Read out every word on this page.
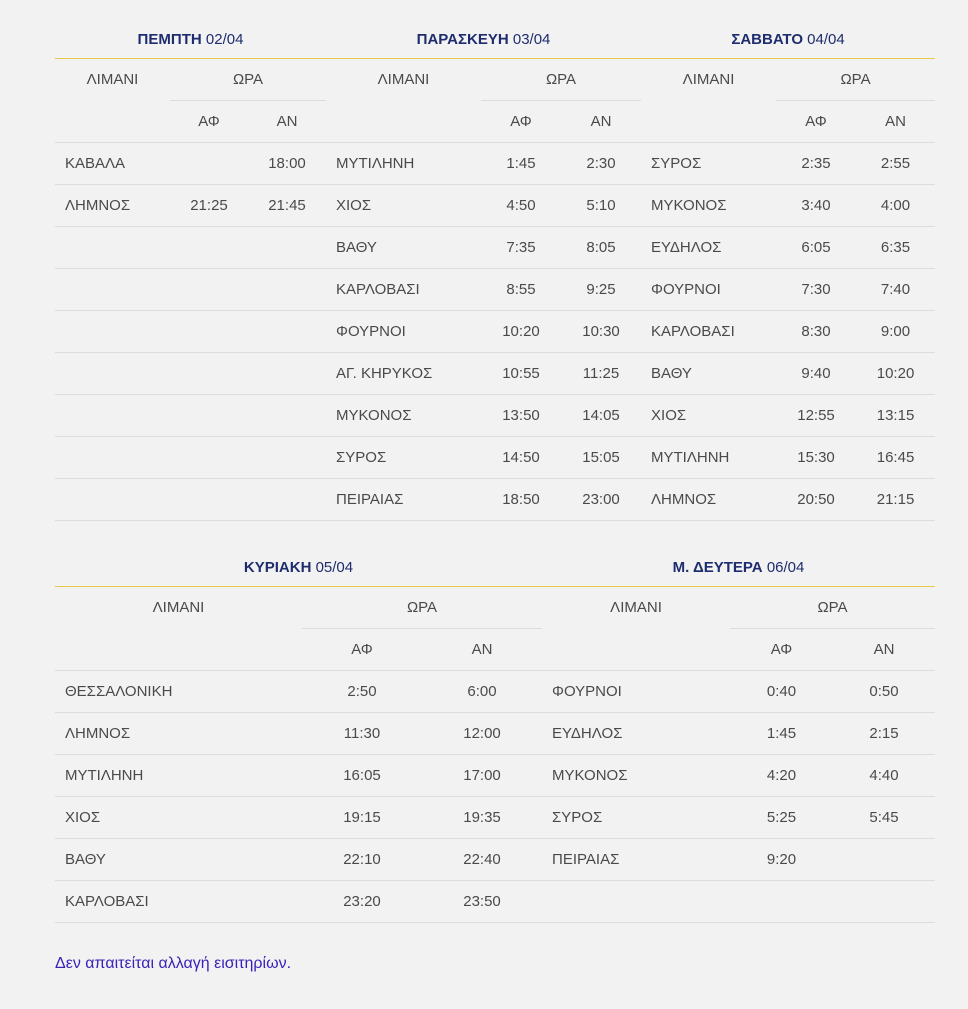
ΠΕΜΠΤΗ 02/04		
ΛΙΜΑΝΙ	ΩΡΑ	
	ΑΦ	ΑΝ
ΚΑΒΑΛΑ		18:00
ΛΗΜΝΟΣ	21:25	21:45

ΠΑΡΑΣΚΕΥΗ 03/04		
ΛΙΜΑΝΙ	ΩΡΑ	
	ΑΦ	ΑΝ
ΜΥΤΙΛΗΝΗ	1:45	2:30
ΧΙΟΣ	4:50	5:10
ΒΑΘΥ	7:35	8:05
ΚΑΡΛΟΒΑΣΙ	8:55	9:25
ΦΟΥΡΝΟΙ	10:20	10:30
ΑΓ. ΚΗΡΥΚΟΣ	10:55	11:25
ΜΥΚΟΝΟΣ	13:50	14:05
ΣΥΡΟΣ	14:50	15:05
ΠΕΙΡΑΙΑΣ	18:50	23:00
ΣΑΒΒΑΤΟ 04/04		
ΛΙΜΑΝΙ	ΩΡΑ	
	ΑΦ	ΑΝ
ΣΥΡΟΣ	2:35	2:55
ΜΥΚΟΝΟΣ	3:40	4:00
ΕΥΔΗΛΟΣ	6:05	6:35
ΦΟΥΡΝΟΙ	7:30	7:40
ΚΑΡΛΟΒΑΣΙ	8:30	9:00
ΒΑΘΥ	9:40	10:20
ΧΙΟΣ	12:55	13:15
ΜΥΤΙΛΗΝΗ	15:30	16:45
ΛΗΜΝΟΣ	20:50	21:15
ΚΥΡΙΑΚΗ 05/04		
ΛΙΜΑΝΙ	ΩΡΑ	
	ΑΦ	ΑΝ
ΘΕΣΣΑΛΟΝΙΚΗ	2:50	6:00
ΛΗΜΝΟΣ	11:30	12:00
ΜΥΤΙΛΗΝΗ	16:05	17:00
ΧΙΟΣ	19:15	19:35
ΒΑΘΥ	22:10	22:40
ΚΑΡΛΟΒΑΣΙ	23:20	23:50
Μ. ΔΕΥΤΕΡΑ 06/04		
ΛΙΜΑΝΙ	ΩΡΑ	
	ΑΦ	ΑΝ
ΦΟΥΡΝΟΙ	0:40	0:50
ΕΥΔΗΛΟΣ	1:45	2:15
ΜΥΚΟΝΟΣ	4:20	4:40
ΣΥΡΟΣ	5:25	5:45
ΠΕΙΡΑΙΑΣ	9:20	

Δεν απαιτείται αλλαγή εισιτηρίων.
